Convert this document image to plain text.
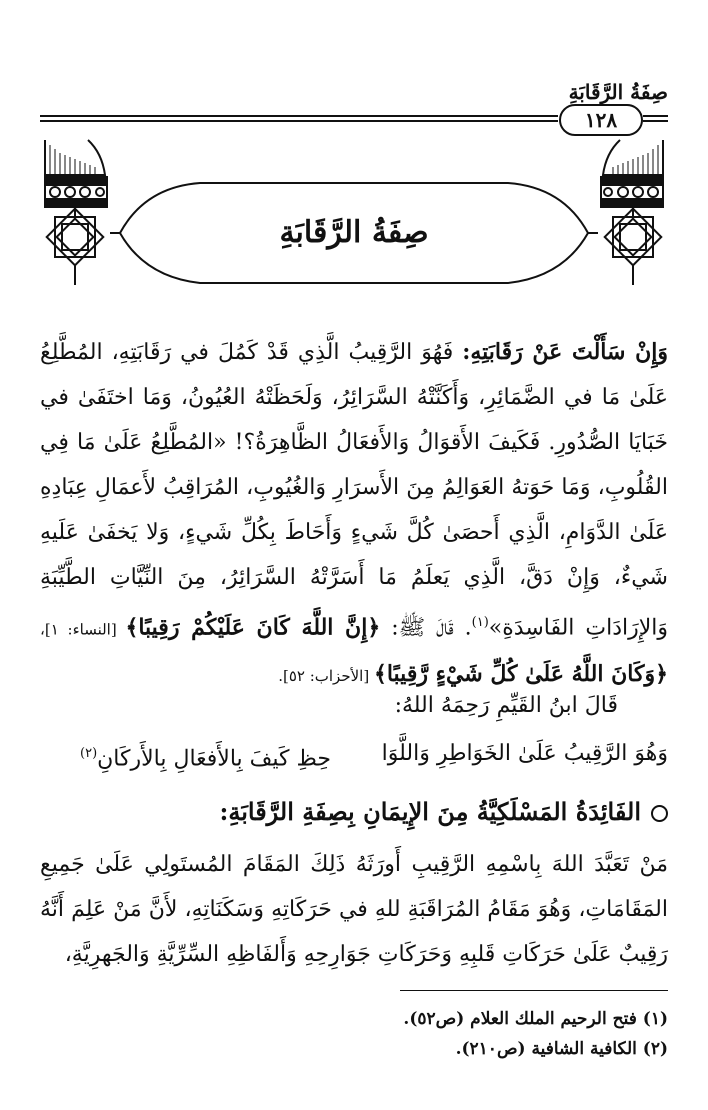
صِفَةُ الرَّقَابَةِ
١٢٨
صِفَةُ الرَّقَابَةِ

وَإِنْ سَأَلْتَ عَنْ رَقَابَتِهِ: فَهُوَ الرَّقِيبُ الَّذِي قَدْ كَمُلَ في رَقَابَتِهِ، المُطَّلِعُ عَلَىٰ مَا في الضَّمَائِرِ، وَأَكَنَّتْهُ السَّرَائِرُ، وَلَحَظَتْهُ العُيُونُ، وَمَا اختَفَىٰ في خَبَايَا الصُّدُورِ. فَكَيفَ الأَقوَالُ وَالأَفعَالُ الظَّاهِرَةُ؟! «المُطَّلِعُ عَلَىٰ مَا فِي القُلُوبِ، وَمَا حَوَتهُ العَوَالِمُ مِنَ الأَسرَارِ وَالغُيُوبِ، المُرَاقِبُ لأَعمَالِ عِبَادِهِ عَلَىٰ الدَّوَامِ، الَّذِي أَحصَىٰ كُلَّ شَيءٍ وَأَحَاطَ بِكُلِّ شَيءٍ، وَلا يَخفَىٰ عَلَيهِ شَيءٌ، وَإِنْ دَقَّ، الَّذِي يَعلَمُ مَا أَسَرَّتْهُ السَّرَائِرُ، مِنَ النِّيَّاتِ الطَّيِّبَةِ وَالإِرَادَاتِ الفَاسِدَةِ»$^{(١)}$. قَالَ ﷺ: ﴿إِنَّ اللَّهَ كَانَ عَلَيْكُمْ رَقِيبًا﴾ [النساء: ١]، ﴿وَكَانَ اللَّهُ عَلَىٰ كُلِّ شَيْءٍ رَّقِيبًا﴾ [الأحزاب: ٥٢].

قَالَ ابنُ القَيِّمِ رَحِمَهُ اللهُ:
وَهُوَ الرَّقِيبُ عَلَىٰ الخَوَاطِرِ وَاللَّوَا
حِظِ كَيفَ بِالأَفعَالِ بِالأَركَانِ$^{(٢)}$
الفَائِدَةُ المَسْلَكِيَّةُ مِنَ الإِيمَانِ بِصِفَةِ الرَّقَابَةِ:

مَنْ تَعَبَّدَ اللهَ بِاسْمِهِ الرَّقِيبِ أَورَثَهُ ذَلِكَ المَقَامَ المُستَولِي عَلَىٰ جَمِيعِ المَقَامَاتِ، وَهُوَ مَقَامُ المُرَاقَبَةِ للهِ في حَرَكَاتِهِ وَسَكَنَاتِهِ، لأَنَّ مَنْ عَلِمَ أَنَّهُ رَقِيبٌ عَلَىٰ حَرَكَاتِ قَلبِهِ وَحَرَكَاتِ جَوَارِحِهِ وَأَلفَاظِهِ السِّرِّيَّةِ وَالجَهرِيَّةِ،

(١) فتح الرحيم الملك العلام (ص٥٢).
(٢) الكافية الشافية (ص٢١٠).
